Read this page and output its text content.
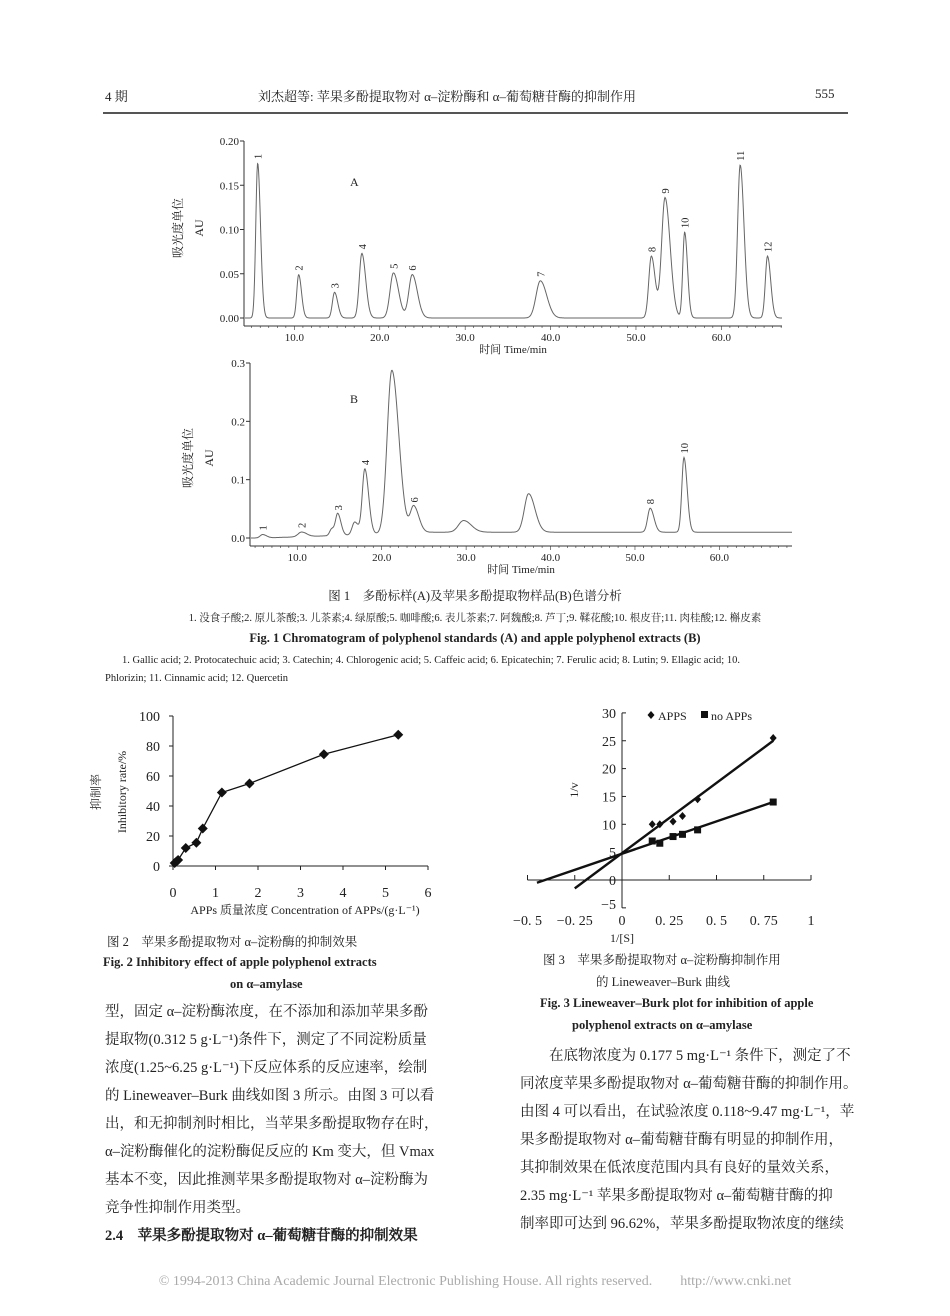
4 期	刘杰超等: 苹果多酚提取物对 α–淀粉酶和 α–葡萄糖苷酶的抑制作用	555
10.0	20.0	30.0	40.0	50.0	60.0
0.00
0.05
0.10
0.15
0.20
1
2
3
4
5 6
7
8
9
10
11
12
A
时间 Time/min
吸光度单位 AU
10.0	20.0	30.0	40.0	50.0	60.0
0.0
0.1
0.2
0.3
1	2
3
4
6	8
10
B
时间 Time/min
吸光度单位 AU
0
20
40
60
80
100
0	1	2	3	4	5	6
APPs 质量浓度 Concentration of APPs/(g·L⁻¹)
抑制率 Inhibitory rate/%
−5
0
5
10
15
20
25
30
−0. 5 −0. 25 0 0. 25 0. 5 0. 75 1
APPS no APPs
1/v
1/[S]
图 1　多酚标样(A)及苹果多酚提取物样品(B)色谱分析
1. 没食子酸;2. 原儿茶酸;3. 儿茶素;4. 绿原酸;5. 咖啡酸;6. 表儿茶素;7. 阿魏酸;8. 芦丁;9. 鞣花酸;10. 根皮苷;11. 肉桂酸;12. 槲皮素
Fig. 1 Chromatogram of polyphenol standards (A) and apple polyphenol extracts (B)
1. Gallic acid; 2. Protocatechuic acid; 3. Catechin; 4. Chlorogenic acid; 5. Caffeic acid; 6. Epicatechin; 7. Ferulic acid; 8. Lutin; 9. Ellagic acid; 10.
Phlorizin; 11. Cinnamic acid; 12. Quercetin
图 2　苹果多酚提取物对 α–淀粉酶的抑制效果
Fig. 2 Inhibitory effect of apple polyphenol extracts
on α–amylase
图 3　苹果多酚提取物对 α–淀粉酶抑制作用
的 Lineweaver–Burk 曲线
Fig. 3 Lineweaver–Burk plot for inhibition of apple
polyphenol extracts on α–amylase
型，固定 α–淀粉酶浓度，在不添加和添加苹果多酚
提取物(0.312 5 g·L⁻¹)条件下，测定了不同淀粉质量
浓度(1.25~6.25 g·L⁻¹)下反应体系的反应速率，绘制
的 Lineweaver–Burk 曲线如图 3 所示。由图 3 可以看
出，和无抑制剂时相比，当苹果多酚提取物存在时，
α–淀粉酶催化的淀粉酶促反应的 Km 变大，但 Vmax
基本不变，因此推测苹果多酚提取物对 α–淀粉酶为
竞争性抑制作用类型。
2.4　 苹果多酚提取物对 α–葡萄糖苷酶的抑制效果
　　在底物浓度为 0.177 5 mg·L⁻¹ 条件下，测定了不
同浓度苹果多酚提取物对 α–葡萄糖苷酶的抑制作用。
由图 4 可以看出，在试验浓度 0.118~9.47 mg·L⁻¹，苹
果多酚提取物对 α–葡萄糖苷酶有明显的抑制作用，
其抑制效果在低浓度范围内具有良好的量效关系，
2.35 mg·L⁻¹ 苹果多酚提取物对 α–葡萄糖苷酶的抑
制率即可达到 96.62%，苹果多酚提取物浓度的继续
© 1994-2013 China Academic Journal Electronic Publishing House. All rights reserved.　　http://www.cnki.net
